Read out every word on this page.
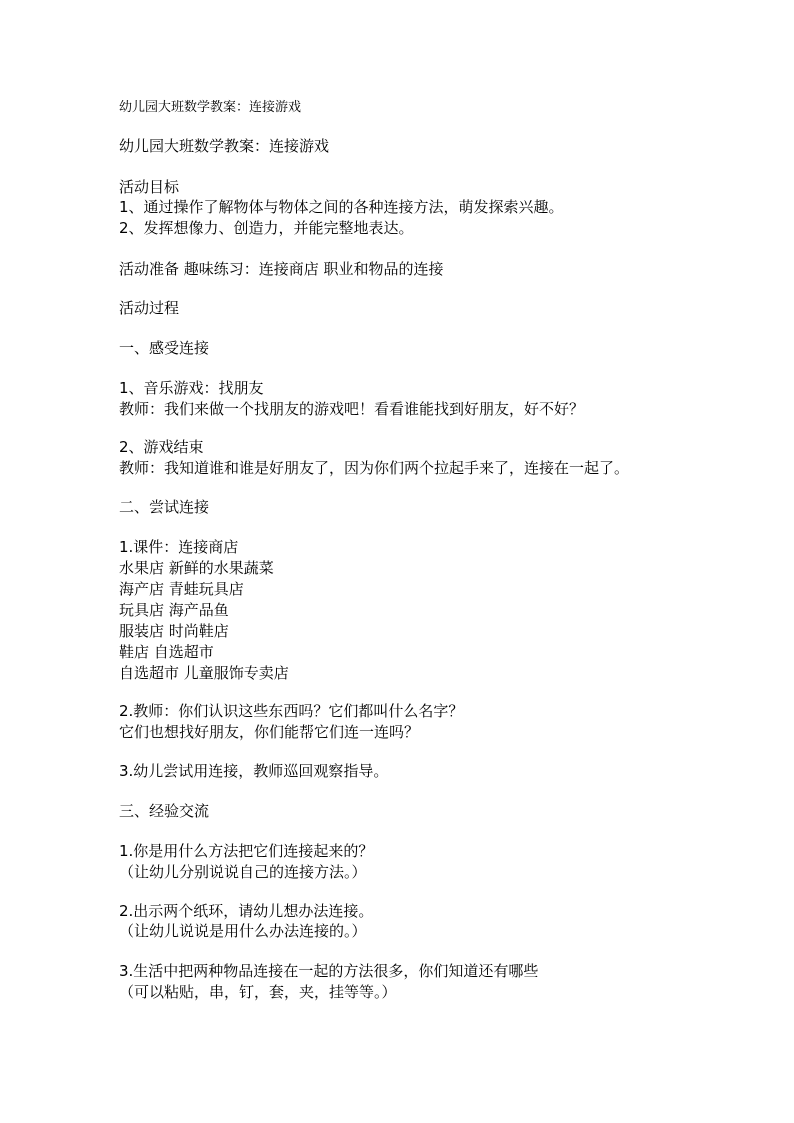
幼儿园大班数学教案：连接游戏
幼儿园大班数学教案：连接游戏
活动目标
1、通过操作了解物体与物体之间的各种连接方法，萌发探索兴趣。
2、发挥想像力、创造力，并能完整地表达。
活动准备 趣味练习：连接商店 职业和物品的连接
活动过程
一、感受连接
1、音乐游戏：找朋友
教师：我们来做一个找朋友的游戏吧！看看谁能找到好朋友，好不好？
2、游戏结束
教师：我知道谁和谁是好朋友了，因为你们两个拉起手来了，连接在一起了。
二、尝试连接
1.课件：连接商店
水果店 新鲜的水果蔬菜
海产店 青蛙玩具店
玩具店 海产品鱼
服装店 时尚鞋店
鞋店 自选超市
自选超市 儿童服饰专卖店
2.教师：你们认识这些东西吗？它们都叫什么名字？
它们也想找好朋友，你们能帮它们连一连吗？
3.幼儿尝试用连接，教师巡回观察指导。
三、经验交流
1.你是用什么方法把它们连接起来的？
（让幼儿分别说说自己的连接方法。）
2.出示两个纸环，请幼儿想办法连接。
（让幼儿说说是用什么办法连接的。）
3.生活中把两种物品连接在一起的方法很多，你们知道还有哪些
（可以粘贴，串，钉，套，夹，挂等等。）
